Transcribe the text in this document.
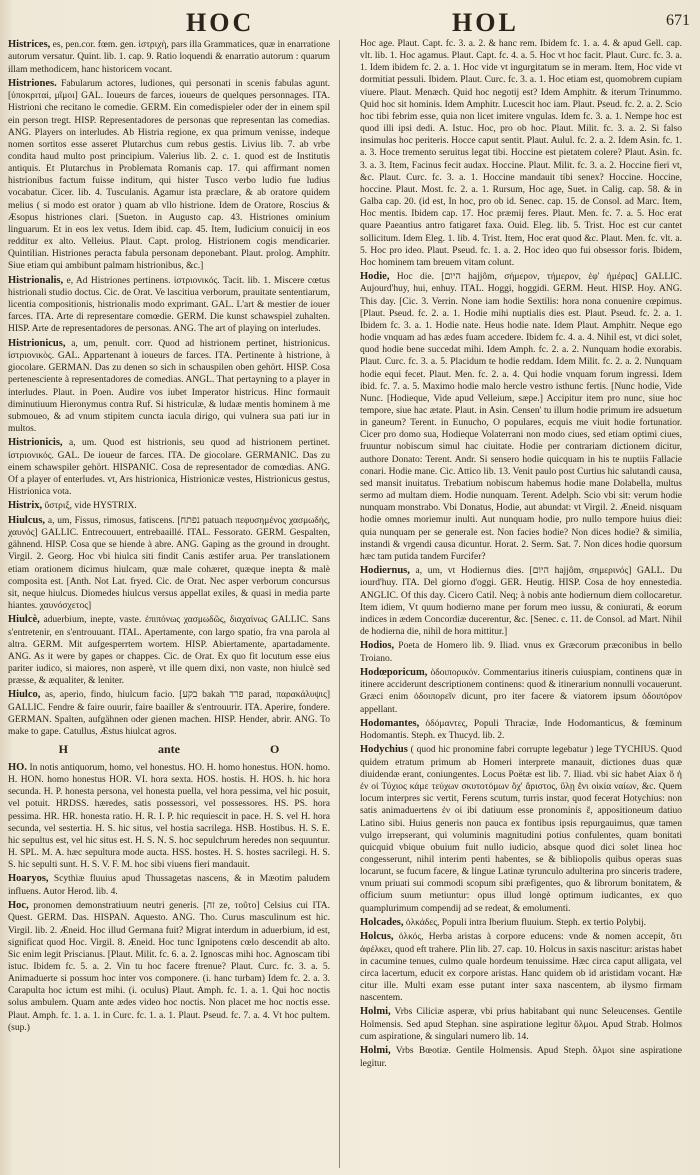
HOC	HOL	671

Histrices, es, pen.cor. fœm. gen. ἱστριχὴ, pars illa Grammatices, quæ in enarratione autorum versatur. Quint. lib. 1. cap. 9. Ratio loquendi & enarratio autorum : quarum illam methodicem, hanc historicem vocant.

Histriones. Fabularum actores, ludiones, qui personati in scenis fabulas agunt. [ὑποκριταί, μῖμοι] GAL. Ioueurs de farces, ioueurs de quelques personnages. ITA. Histrioni che recitano le comedie. GERM. Ein comedispieler oder der in einem spil ein person tregt. HISP. Representadores de personas que representan las comedias. ANG. Players on interludes. Ab Histria regione, ex qua primum venisse, indeque nomen sortitos esse asseret Plutarchus cum rebus gestis. Livius lib. 7. ab vrbe condita haud multo post principium. Valerius lib. 2. c. 1. quod est de Institutis antiquis. Et Plutarchus in Problemata Romanis cap. 17. qui affirmant nomen histrionibus factum fuisse inditum, qui hister Tusco verbo ludio fue ludius vocabatur. Cicer. lib. 4. Tusculanis. Agamur ista præclare, & ab oratore quidem melius ( si modo est orator ) quam ab vllo histrione. Idem de Oratore, Roscius & Æsopus histriones clari. [Sueton. in Augusto cap. 43. Histriones ominium linguarum. Et in eos lex vetus. Idem ibid. cap. 45. Item, Iudicium conuicij in eos redditur ex alto. Velleius. Plaut. Capt. prolog. Histrionem cogis mendicarier. Quintilian. Histriones peracta fabula personam deponebant. Plaut. prolog. Amphitr. Siue etiam qui ambibunt palmam histrionibus, &c.]

Histrionalis, e, Ad Histriones pertinens. ἱστριονικός. Tacit. lib. 1. Miscere cœtus histrionali studio doctus. Cic. de Orat. Ve lascitiua verborum, prauitate sententiarum, licentia compositionis, histrionalis modo exprimant. GAL. L'art & mestier de iouer farces. ITA. Arte di representare comœdie. GERM. Die kunst schawspiel zuhalten. HISP. Arte de representadores de personas. ANG. The art of playing on interludes.

Histrionicus, a, um, penult. corr. Quod ad histrionem pertinet, histrionicus. ἱστριονικὸς. GAL. Appartenant à ioueurs de farces. ITA. Pertinente à histrione, à giocolare. GERMAN. Das zu denen so sich in schauspilen oben gehört. HISP. Cosa pertenesciente à representadores de comedias. ANGL. That pertayning to a player in interludes. Plaut. in Poen. Audire vos iubet Imperator histricus. Hinc formauit diminutiuum Hieronymus contra Ruf. Si histriculæ, & ludaæ mentis hominem à me submoueo, & ad vnum stipitem cuncta iacula dirigo, qui vulnera sua pati iur in multos.

Histrionicis, a, um. Quod est histrionis, seu quod ad histrionem pertinet. ἱστριονικός. GAL. De ioueur de farces. ITA. De giocolare. GERMANIC. Das zu einem schawspiler gehört. HISPANIC. Cosa de representador de comœdias. ANG. Of a player of enterludes. vt, Ars histrionica, Histrionicæ vestes, Histrionicus gestus, Histrionica vota.

Histrix, ὕστριξ, vide HYSTRIX.

Hiulcus, a, um, Fissus, rimosus, fatiscens. [נפתח patuach πεφυσημένος χασμωδής, χαυνός] GALLIC. Entrecouuert, entrebaaillé. ITAL. Fessorato. GERM. Gespalten, gähnend. HISP. Cosa que se hiende à abre. ANG. Gaping as the ground in drought. Virgil. 2. Georg. Hoc vbi hiulca siti findit Canis æstifer arua. Per translationem etiam orationem dicimus hiulcam, quæ male cohæret, quæque inepta & malè composita est. [Anth. Not Lat. fryed. Cic. de Orat. Nec asper verborum concursus sit, neque hiulcus. Diomedes hiulcus versus appellat exiles, & quasi in media parte hiantes. χαυνόσχετος]

Hiulcè, aduerbium, inepte, vaste. ἐπιπόνως χασμωδῶς, διαχαίνως GALLIC. Sans s'entretenir, en s'entrouuant. ITAL. Apertamente, con largo spatio, fra vna parola al altra. GERM. Mit aufgesperrtem wortem. HISP. Abiertamente, apartadamente. ANG. As it were by gapes or chappes. Cic. de Orat. Ex quo fit locutum esse eius pariter iudico, si maiores, non asperè, vt ille quem dixi, non vaste, non hiulcè sed præsse, & æqualiter, & leniter.

Hiulco, as, aperio, findo, hiulcum facio. [בקע bakah פרד parad, παρακάλυψις] GALLIC. Fendre & faire ouurir, faire baailler & s'entrouurir. ITA. Aperire, fondere. GERMAN. Spalten, aufgähnen oder gienen machen. HISP. Hender, abrir. ANG. To make to gape. Catullus, Æstus hiulcat agros.

H	ante	O

HO. In notis antiquorum, homo, vel honestus. HO. H. homo honestus. HON. homo. H. HON. homo honestus HOR. VI. hora sexta. HOS. hostis. H. HOS. h. hic hora secunda. H. P. honesta persona, vel honesta puella, vel hora pessima, vel hic posuit, vel potuit. HRDSS. hæredes, satis possessori, vel possessores. HS. PS. hora pessima. HR. HR. honesta ratio. H. R. I. P. hic requiescit in pace. H. S. vel H. hora secunda, vel sestertia. H. S. hic situs, vel hostia sacrilega. HSB. Hostibus. H. S. E. hic sepultus est, vel hic situs est. H. S. N. S. hoc sepulchrum heredes non sequuntur. H. SPL. M. A. hæc sepultura mode aucta. HSS. hostes. H. S. hostes sacrilegi. H. S. S. hic sepulti sunt. H. S. V. F. M. hoc sibi viuens fieri mandauit.

Hoaryos, Scythiæ fluuius apud Thussagetas nascens, & in Mæotim paludem influens. Autor Herod. lib. 4.

Hoc, pronomen demonstratiuum neutri generis. [זה ze, τοῦτο] Celsius cui ITA. Quest. GERM. Das. HISPAN. Aquesto. ANG. Tho. Curus masculinum est hic. Virgil. lib. 2. Æneid. Hoc illud Germana fuit? Migrat interdum in aduerbium, id est, significat quod Hoc. Virgil. 8. Æneid. Hoc tunc Ignipotens cœlo descendit ab alto. Sic enim legit Priscianus. [Plaut. Milit. fc. 6. a. 2. Ignoscas mihi hoc. Agnoscam tibi istuc. Ibidem fc. 5. a. 2. Vin tu hoc facere ftrenue? Plaut. Curc. fc. 3. a. 5. Animaduerte si possum hoc inter vos componere. (i. hanc turbam) Idem fc. 2. a. 3. Carapulta hoc ictum est mihi. (i. oculus) Plaut. Amph. fc. 1. a. 1. Qui hoc noctis solus ambulem. Quam ante ædes video hoc noctis. Non placet me hoc noctis esse. Plaut. Amph. fc. 1. a. 1. in Curc. fc. 1. a. 1. Plaut. Pseud. fc. 7. a. 4. Vt hoc pultem. (sup.)

Hoc age. Plaut. Capt. fc. 3. a. 2. & hanc rem. Ibidem fc. 1. a. 4. & apud Gell. cap. vlt. lib. 1. Hoc agamus. Plaut. Capt. fc. 4. a. 5. Hoc vt hoc facit. Plaut. Curc. fc. 3. a. 1. Idem ibidem fc. 2. a. 1. Hoc vide vt ingurgitatum se in meram. Item, Hoc vide vt dormitiat pessuli. Ibidem. Plaut. Curc. fc. 3. a. 1. Hoc etiam est, quomobrem cupiam viuere. Plaut. Menæch. Quid hoc negotij est? Idem Amphitr. & iterum Trinummo. Quid hoc sit hominis. Idem Amphitr. Lucescit hoc iam. Plaut. Pseud. fc. 2. a. 2. Scio hoc tibi febrim esse, quia non licet imitere vngulas. Idem fc. 3. a. 1. Nempe hoc est quod illi ipsi dedi. A. Istuc. Hoc, pro ob hoc. Plaut. Milit. fc. 3. a. 2. Si falso insimulas hoc periteris. Hocce caput sentit. Plaut. Aulul. fc. 2. a. 2. Idem Asin. fc. 1. a. 3. Hoce tremento seruitus legat tibi. Hoccine est pietatem colere? Plaut. Asin. fc. 3. a. 3. Item, Facinus fecit audax. Hoccine. Plaut. Milit. fc. 3. a. 2. Hoccine fieri vt, &c. Plaut. Curc. fc. 3. a. 1. Hoccine mandauit tibi senex? Hoccine. Hoccine, hoccine. Plaut. Most. fc. 2. a. 1. Rursum, Hoc age, Suet. in Calig. cap. 58. & in Galba cap. 20. (id est, In hoc, pro ob id. Senec. cap. 15. de Consol. ad Marc. Item, Hoc mentis. Ibidem cap. 17. Hoc præmij feres. Plaut. Men. fc. 7. a. 5. Hoc erat quare Paeantius antro fatigaret faxa. Ouid. Eleg. lib. 5. Trist. Hoc est cur cantet sollicitum. Idem Eleg. 1. lib. 4. Trist. Item, Hoc erat quod &c. Plaut. Men. fc. vlt. a. 5. Hoc pro ideo. Plaut. Pseud. fc. 1. a. 2. Hoc ideo quo fui obsessor foris. Ibidem, Hoc hominem tam breuem vitam colunt.

Hodie, Hoc die. [היום hajjôm, σήμερον, τήμερον, ἐφ' ἡμέρας] GALLIC. Aujourd'huy, hui, enhuy. ITAL. Hoggi, hoggidi. GERM. Heut. HISP. Hoy. ANG. This day. [Cic. 3. Verrin. None iam hodie Sextilis: hora nona conuenire cœpimus. [Plaut. Pseud. fc. 2. a. 1. Hodie mihi nuptialis dies est. Plaut. Pseud. fc. 2. a. 1. Ibidem fc. 3. a. 1. Hodie nate. Heus hodie nate. Idem Plaut. Amphitr. Neque ego hodie vnquam ad has ædes fuam accedere. Ibidem fc. 4. a. 4. Nihil est, vt dici solet, quod hodie bene succedat mihi. Idem Amph. fc. 2. a. 2. Nunquam hodie exorabis. Plaut. Curc. fc. 3. a. 5. Placidum te hodie reddam. Idem Milit. fc. 2. a. 2. Nunquam hodie equi fecet. Plaut. Men. fc. 2. a. 4. Qui hodie vnquam forum ingressi. Idem ibid. fc. 7. a. 5. Maximo hodie malo hercle vestro isthunc fertis. [Nunc hodie, Vide Nunc. [Hodieque, Vide apud Velleium, sæpe.] Accipitur item pro nunc, siue hoc tempore, siue hac ætate. Plaut. in Asin. Censen' tu illum hodie primum ire adsuetum in ganeum? Terent. in Eunucho, O populares, ecquis me viuit hodie fortunatior. Cicer pro domo sua, Hodieque Volaterrani non modo ciues, sed etiam optimi ciues, fruuntur nobiscum simul hac ciuitate. Hodie per contrariam dictionem dicitur, authore Donato: Terent. Andr. Si sensero hodie quicquam in his te nuptiis Fallacie conari. Hodie mane. Cic. Attico lib. 13. Venit paulo post Curtius hic salutandi causa, sed mansit inuitatus. Trebatium nobiscum habemus hodie mane Dolabella, multus sermo ad multam diem. Hodie nunquam. Terent. Adelph. Scio vbi sit: verum hodie nunquam monstrabo. Vbi Donatus, Hodie, aut abundat: vt Virgil. 2. Æneid. nisquam hodie omnes moriemur inulti. Aut nunquam hodie, pro nullo tempore huius diei: quia nunquam per se generale est. Non facies hodie? Non dices hodie? & similia, instandi & vrgendi causa dicuntur. Horat. 2. Serm. Sat. 7. Non dices hodie quorsum hæc tam putida tandem Furcifer?

Hodiernus, a, um, vt Hodiernus dies. [היום hajjôm, σημερινός] GALL. Du iourd'huy. ITA. Del giorno d'oggi. GER. Heutig. HISP. Cosa de hoy ennestedia. ANGLIC. Of this day. Cicero Catil. Neq; à nobis ante hodiernum diem collocaretur. Item idiem, Vt quum hodierno mane per forum meo iussu, & coniurati, & eorum indices in ædem Concordiæ ducerentur, &c. [Senec. c. 11. de Consol. ad Mart. Nihil de hodierna die, nihil de hora mittitur.]

Hodios, Poeta de Homero lib. 9. Iliad. vnus ex Græcorum præconibus in bello Troiano.

Hodœporicum, ὁδοιπορικόν. Commentarius itineris cuiuspiam, continens quæ in itinere acciderunt descriptionem continens: quod & itinerarium nonnulli vocauerunt. Græci enim ὁδοιπορεῖν dicunt, pro iter facere & viatorem ipsum ὁδοιπόρον appellant.

Hodomantes, ὁδόμαντες, Populi Thraciæ, Inde Hodomanticus, & fœminum Hodomantis. Steph. ex Thucyd. lib. 2.

Hodychius ( quod hic pronomine fabri corrupte legebatur ) lege TYCHIUS. Quod quidem etratum primum ab Homeri interprete manauit, dictiones duas quæ diuidendæ erant, coniungentes. Locus Poëtæ est lib. 7. Iliad. vbi sic habet Aiax ὃ ἡ ἐν οἱ Τύχιος κάμε τεύχων σκυτοτόμων ὄχ' ἄριστος, ὕλῃ ἔνι οἰκία ναίων, &c. Quem locum interpres sic vertit, Ferens scutum, turris instar, quod fecerat Hotychius: non satis animaduertens ἐν οἱ ibi datiuum esse pronominis ἕ, appositioneum datiuo Latino sibi. Huius generis non pauca ex fontibus ipsis repurgauimus, quæ tamen vulgo irrepserant, qui voluminis magnitudini potius confulentes, quam bonitati quicquid vbique obuium fuit nullo iudicio, absque quod dici solet linea hoc congesserunt, nihil interim penti habentes, se & bibliopolis quibus operas suas locarunt, se fucum facere, & lingue Latinæ tyrunculo adulterina pro sinceris tradere, vnum priuati sui commodi scopum sibi præfigentes, quo & librorum bonitatem, & officium suum metiuntur: opus illud longè optimum iudicantes, ex quo quamplurimum compendij ad se redeat, & emolumenti.

Holcades, ὁλκάδες, Populi intra Iberium fluuium. Steph. ex tertio Polybij.

Holcus, ὁλκός, Herba aristas à corpore educens: vnde & nomen accepit, ὅτι ἀφέλκει, quod eft trahere. Plin lib. 27. cap. 10. Holcus in saxis nascitur: aristas habet in cacumine tenues, culmo quale hordeum tenuissime. Hæc circa caput alligata, vel circa lacertum, educit ex corpore aristas. Hanc quidem ob id aristidam vocant. Hæ citur ille. Multi exam esse putant inter saxa nascentem, ab ilysmo firmam nascentem.

Holmi, Vrbs Ciliciæ asperæ, vbi prius habitabant qui nunc Seleucenses. Gentile Holmensis. Sed apud Stephan. sine aspiratione legitur ὅλμοι. Apud Strab. Holmos cum aspiratione, & singulari numero lib. 14.

Holmi, Vrbs Bœotiæ. Gentile Holmensis. Apud Steph. ὅλμοι sine aspiratione legitur.
